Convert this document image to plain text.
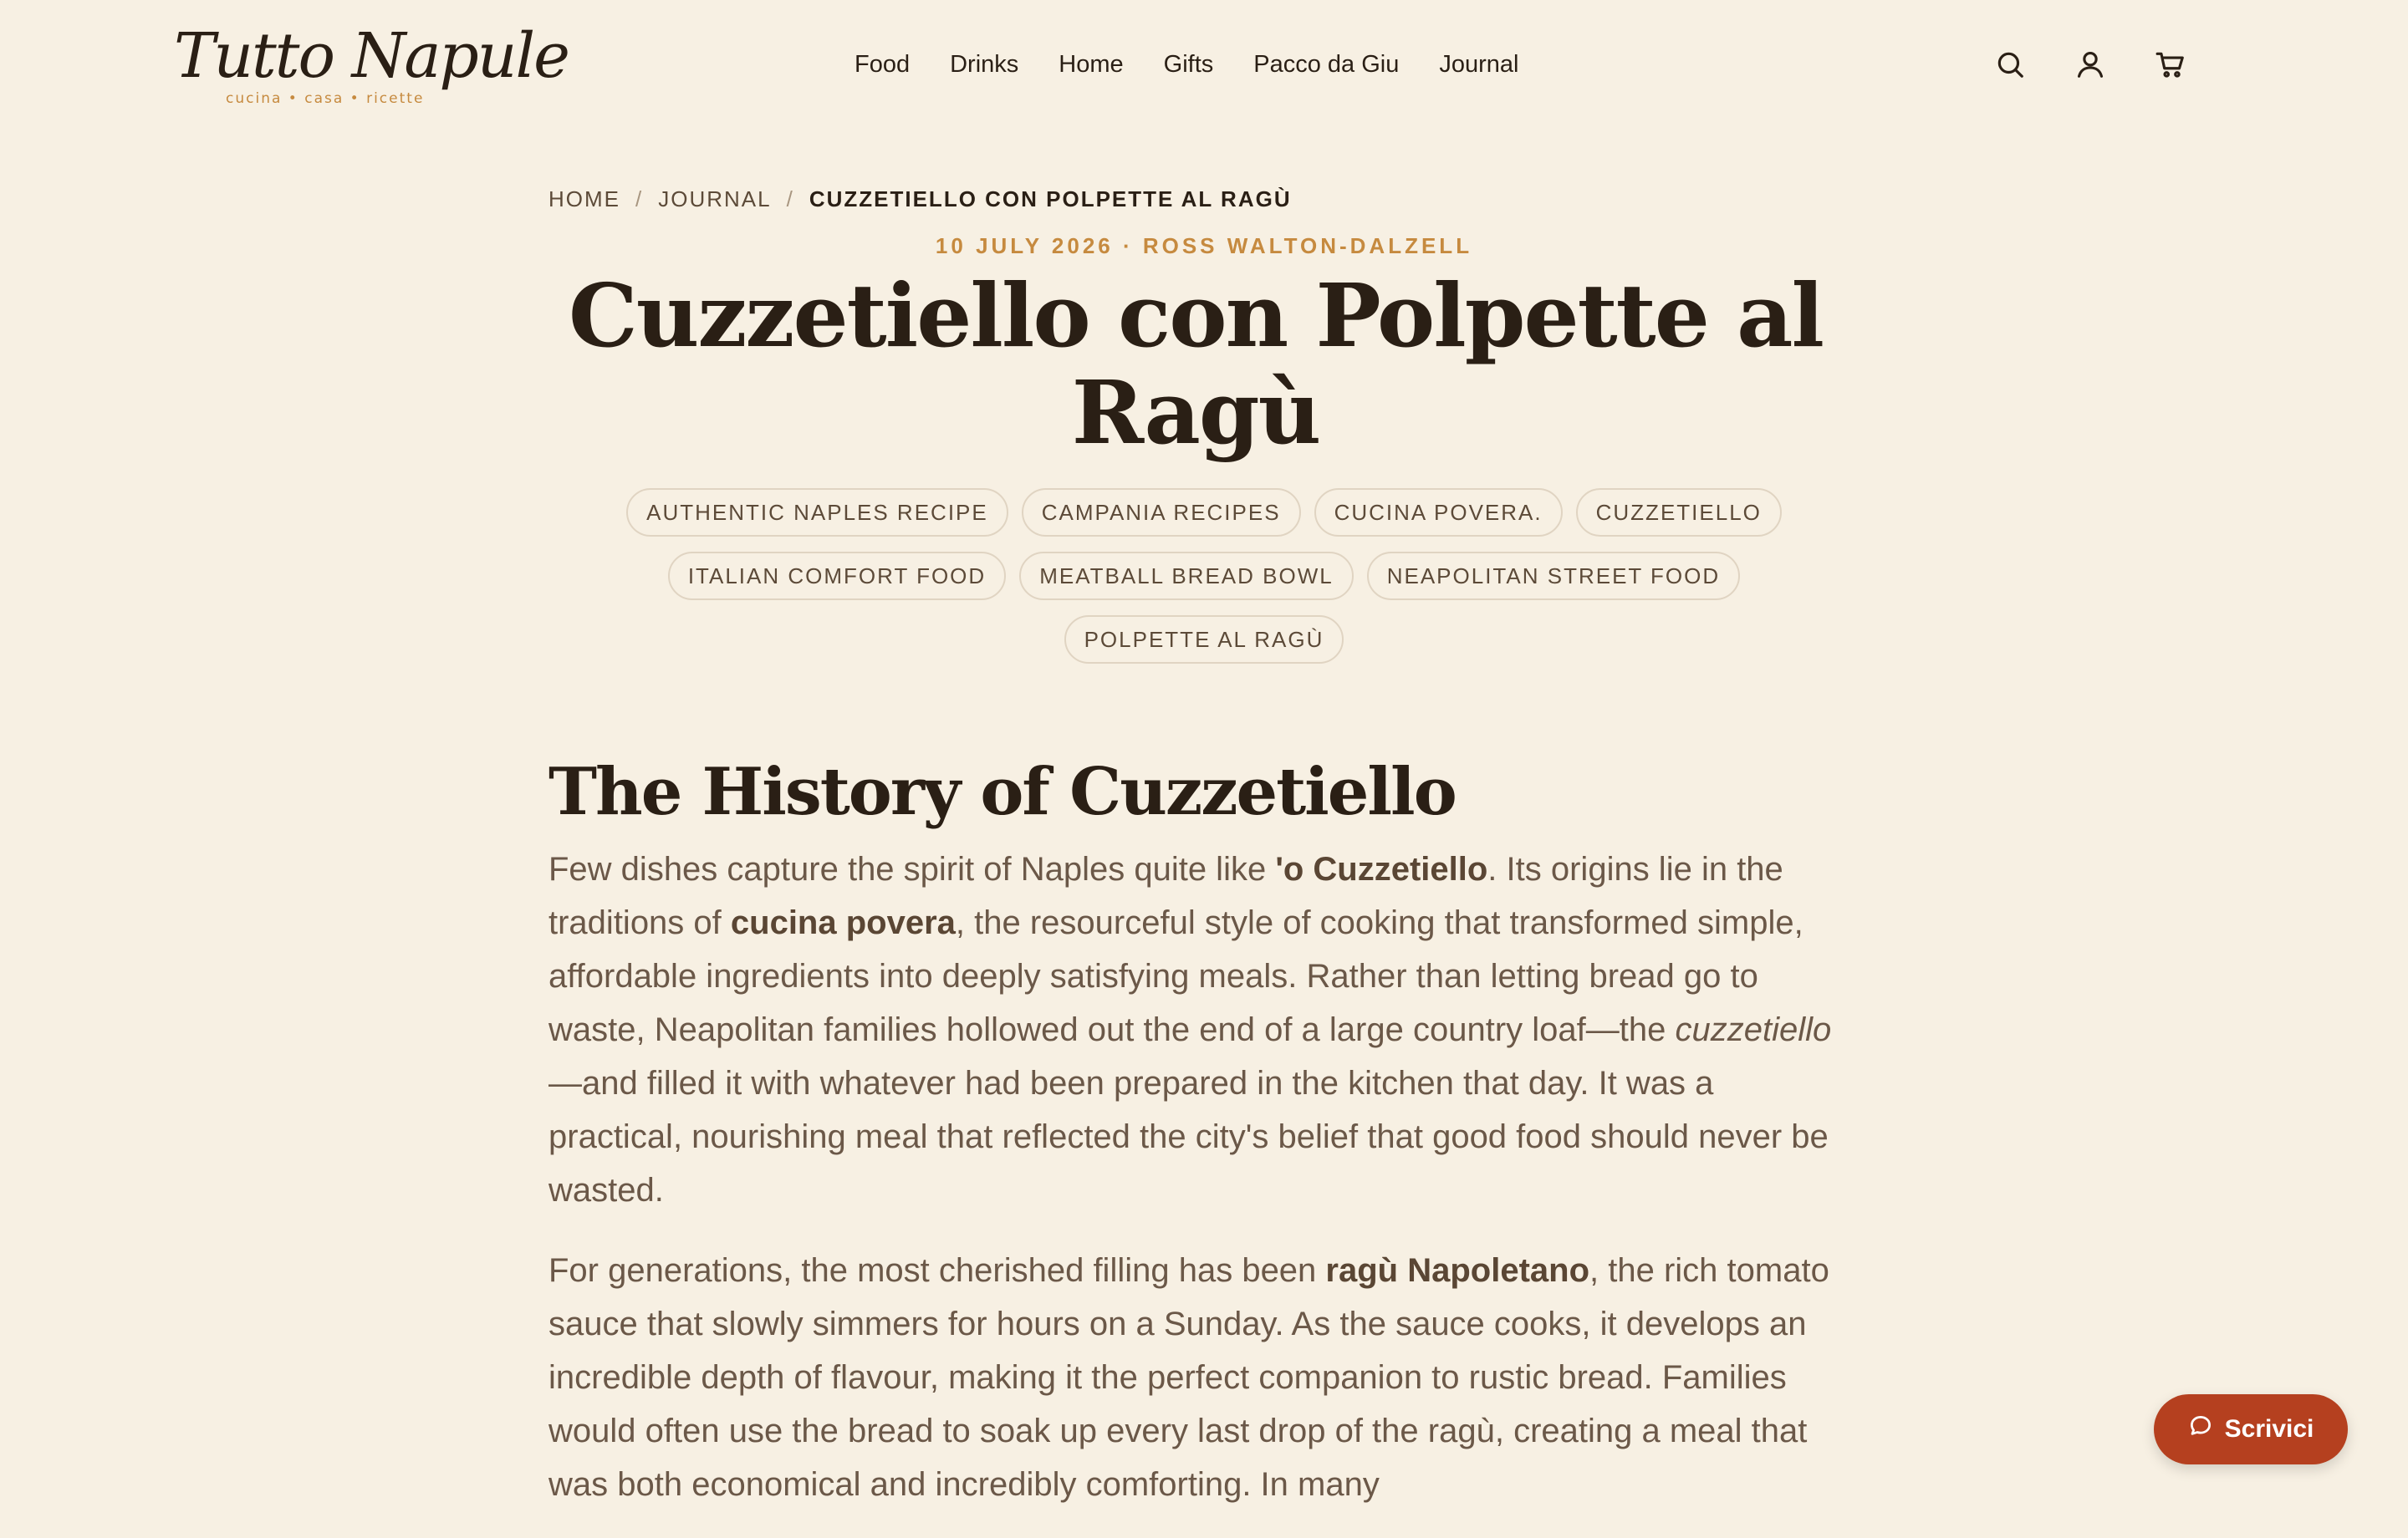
Tutto Napule
cucina • casa • ricette
Food Drinks Home Gifts Pacco da Giu Journal
HOME / JOURNAL / CUZZETIELLO CON POLPETTE AL RAGÙ
10 JULY 2026 · ROSS WALTON-DALZELL
Cuzzetiello con Polpette al Ragù
AUTHENTIC NAPLES RECIPE	CAMPANIA RECIPES	CUCINA POVERA.	CUZZETIELLO
ITALIAN COMFORT FOOD	MEATBALL BREAD BOWL	NEAPOLITAN STREET FOOD
POLPETTE AL RAGÙ
The History of Cuzzetiello

Few dishes capture the spirit of Naples quite like 'o Cuzzetiello. Its origins lie in the traditions of cucina povera, the resourceful style of cooking that transformed simple, affordable ingredients into deeply satisfying meals. Rather than letting bread go to waste, Neapolitan families hollowed out the end of a large country loaf—the cuzzetiello—and filled it with whatever had been prepared in the kitchen that day. It was a practical, nourishing meal that reflected the city's belief that good food should never be wasted.

For generations, the most cherished filling has been ragù Napoletano, the rich tomato sauce that slowly simmers for hours on a Sunday. As the sauce cooks, it develops an incredible depth of flavour, making it the perfect companion to rustic bread. Families would often use the bread to soak up every last drop of the ragù, creating a meal that was both economical and incredibly comforting. In many

Scrivici
